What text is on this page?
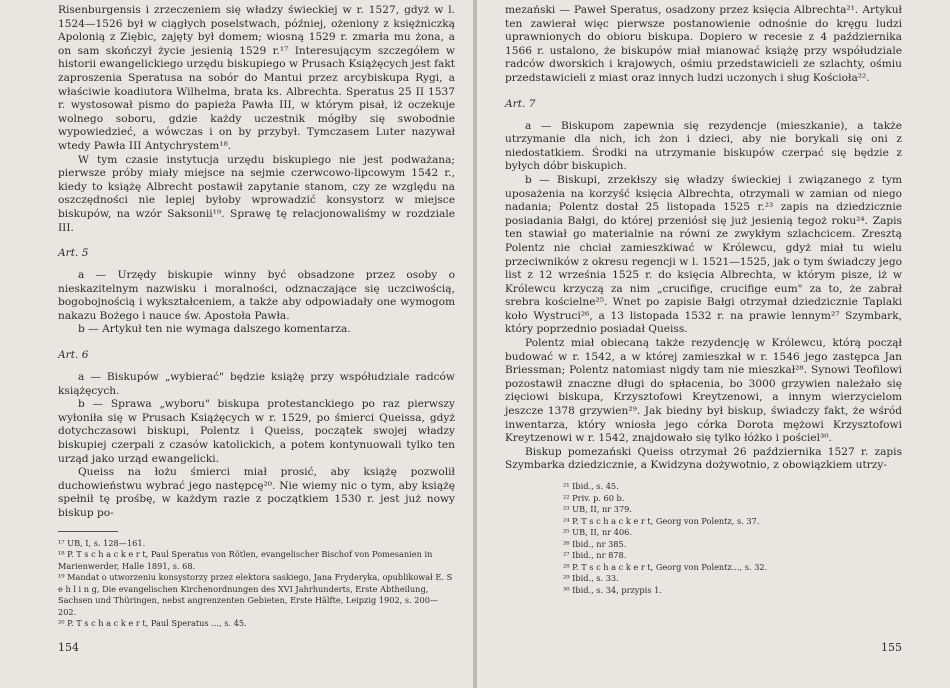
Risenburgensis i zrzeczeniem się władzy świeckiej w r. 1527, gdyż w l. 1524—1526 był w ciągłych poselstwach, później, ożeniony z księżniczką Apolonią z Ziębic, zajęty był domem; wiosną 1529 r. zmarła mu żona, a on sam skończył życie jesienią 1529 r.¹⁷ Interesującym szczegółem w historii ewangelickiego urzędu biskupiego w Prusach Książęcych jest fakt zaproszenia Speratusa na sobór do Mantui przez arcybiskupa Rygi, a właściwie koadiutora Wilhelma, brata ks. Albrechta. Speratus 25 II 1537 r. wystosował pismo do papieża Pawła III, w którym pisał, iż oczekuje wolnego soboru, gdzie każdy uczestnik mógłby się swobodnie wypowiedzieć, a wówczas i on by przybył. Tymczasem Luter nazywał wtedy Pawła III Antychrystem¹⁸.

W tym czasie instytucja urzędu biskupiego nie jest podważana; pierwsze próby miały miejsce na sejmie czerwcowo-lipcowym 1542 r., kiedy to książę Albrecht postawił zapytanie stanom, czy ze względu na oszczędności nie lepiej byłoby wprowadzić konsystorz w miejsce biskupów, na wzór Saksonii¹⁹. Sprawę tę relacjonowaliśmy w rozdziale III.

Art. 5

a — Urzędy biskupie winny być obsadzone przez osoby o nieskazitelnym nazwisku i moralności, odznaczające się uczciwością, bogobojnością i wykształceniem, a także aby odpowiadały one wymogom nakazu Bożego i nauce św. Apostoła Pawła.

b — Artykuł ten nie wymaga dalszego komentarza.

Art. 6

a — Biskupów „wybierać" będzie książę przy współudziale radców książęcych.

b — Sprawa „wyboru" biskupa protestanckiego po raz pierwszy wyłoniła się w Prusach Książęcych w r. 1529, po śmierci Queissa, gdyż dotychczasowi biskupi, Polentz i Queiss, początek swojej władzy biskupiej czerpali z czasów katolickich, a potem kontynuowali tylko ten urząd jako urząd ewangelicki.

Queiss na łożu śmierci miał prosić, aby książę pozwolił duchowieństwu wybrać jego następcę²⁰. Nie wiemy nic o tym, aby książę spełnił tę prośbę, w każdym razie z początkiem 1530 r. jest już nowy biskup po-

¹⁷ UB, I, s. 128—161.

¹⁸ P. T s c h a c k e r t, Paul Speratus von Rötlen, evangelischer Bischof von Pomesanien in Marienwerder, Halle 1891, s. 68.

¹⁹ Mandat o utworzeniu konsystorzy przez elektora saskiego, Jana Fryderyka, opublikował E. S e h l i n g, Die evangelischen Kirchenordnungen des XVI Jahrhunderts, Erste Abtheilung, Sachsen und Thüringen, nebst angrenzenten Gebieten, Erste Hälfte, Leipzig 1902, s. 200—202.

²⁰ P. T s c h a c k e r t, Paul Speratus ..., s. 45.

154

mezański — Paweł Speratus, osadzony przez księcia Albrechta²¹. Artykuł ten zawierał więc pierwsze postanowienie odnośnie do kręgu ludzi uprawnionych do obioru biskupa. Dopiero w recesie z 4 października 1566 r. ustalono, że biskupów miał mianować książę przy współudziale radców dworskich i krajowych, ośmiu przedstawicieli ze szlachty, ośmiu przedstawicieli z miast oraz innych ludzi uczonych i sług Kościoła²².

Art. 7

a — Biskupom zapewnia się rezydencje (mieszkanie), a także utrzymanie dla nich, ich żon i dzieci, aby nie borykali się oni z niedostatkiem. Środki na utrzymanie biskupów czerpać się będzie z byłych dóbr biskupich.

b — Biskupi, zrzekłszy się władzy świeckiej i związanego z tym uposażenia na korzyść księcia Albrechta, otrzymali w zamian od niego nadania; Polentz dostał 25 listopada 1525 r.²³ zapis na dziedzicznie posiadania Bałgi, do której przeniósł się już jesienią tegoż roku²⁴. Zapis ten stawiał go materialnie na równi ze zwykłym szlachcicem. Zresztą Polentz nie chciał zamieszkiwać w Królewcu, gdyż miał tu wielu przeciwników z okresu regencji w l. 1521—1525, jak o tym świadczy jego list z 12 września 1525 r. do księcia Albrechta, w którym pisze, iż w Królewcu krzyczą za nim „crucifige, crucifige eum" za to, że zabrał srebra kościelne²⁵. Wnet po zapisie Bałgi otrzymał dziedzicznie Taplaki koło Wystruci²⁶, a 13 listopada 1532 r. na prawie lennym²⁷ Szymbark, który poprzednio posiadał Queiss.

Polentz miał obiecaną także rezydencję w Królewcu, którą począł budować w r. 1542, a w której zamieszkał w r. 1546 jego zastępca Jan Briessman; Polentz natomiast nigdy tam nie mieszkał²⁸. Synowi Teofilowi pozostawił znaczne długi do spłacenia, bo 3000 grzywien należało się zięciowi biskupa, Krzysztofowi Kreytzenowi, a innym wierzycielom jeszcze 1378 grzywien²⁹. Jak biedny był biskup, świadczy fakt, że wśród inwentarza, który wniosła jego córka Dorota mężowi Krzysztofowi Kreytzenowi w r. 1542, znajdowało się tylko łóżko i pościel³⁰.

Biskup pomezański Queiss otrzymał 26 października 1527 r. zapis Szymbarka dziedzicznie, a Kwidzyna dożywotnio, z obowiązkiem utrzy-

²¹ Ibid., s. 45.

²² Priv. p. 60 b.

²³ UB, II, nr 379.

²⁴ P. T s c h a c k e r t, Georg von Polentz, s. 37.

²⁵ UB, II, nr 406.

²⁶ Ibid., nr 385.

²⁷ Ibid., nr 878.

²⁸ P. T s c h a c k e r t, Georg von Polentz..., s. 32.

²⁹ Ibid., s. 33.

³⁰ Ibid., s. 34, przypis 1.

155
